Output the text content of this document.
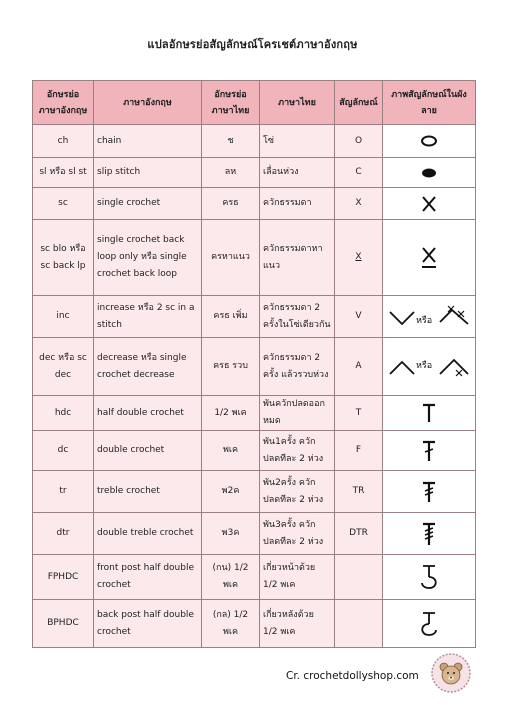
แปลอักษรย่อสัญลักษณ์โครเชต์ภาษาอังกฤษ
อักษรย่อภาษาอังกฤษ	ภาษาอังกฤษ	อักษรย่อภาษาไทย	ภาษาไทย	สัญลักษณ์	ภาพสัญลักษณ์ในผังลาย
ch	chain	ช	โซ่	O	

sl หรือ sl st	slip stitch	ลห	เลื่อนห่วง	C	

sc	single crochet	ครธ	ควักธรรมดา	X	

sc blo หรือ sc back lp	single crochet back loop only หรือ single crochet back loop	ครหาแนว	ควักธรรมดาหาแนว	X	

inc	increase หรือ 2 sc in a stitch	ครธ เพิ่ม	ควักธรรมดา 2 ครั้งในโซ่เดียวกัน	V	หรือ

dec หรือ sc dec	decrease หรือ single crochet decrease	ครธ รวบ	ควักธรรมดา 2 ครั้ง แล้วรวบห่วง	A	หรือ

hdc	half double crochet	1/2 พเค	พันควักปลดออกหมด	T	

dc	double crochet	พเค	พัน1ครั้ง ควักปลดทีละ 2 ห่วง	F	

tr	treble crochet	พ2ค	พัน2ครั้ง ควักปลดทีละ 2 ห่วง	TR	

dtr	double treble crochet	พ3ค	พัน3ครั้ง ควักปลดทีละ 2 ห่วง	DTR	

FPHDC	front post half double crochet	(กน) 1/2 พเค	เกี่ยวหน้าด้วย 1/2 พเค		

BPHDC	back post half double crochet	(กล) 1/2 พเค	เกี่ยวหลังด้วย 1/2 พเค		
Cr. crochetdollyshop.com
